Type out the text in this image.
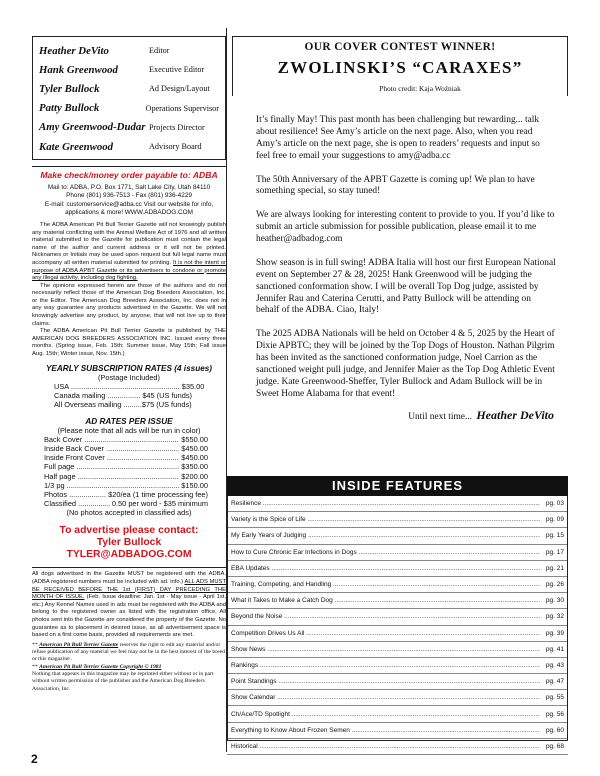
Heather DeVito	Editor
Hank Greenwood	Executive Editor
Tyler Bullock	Ad Design/Layout
Patty Bullock	Operations Supervisor
Amy Greenwood-Dudar Projects Director
Kate Greenwood	Advisory Board
Make check/money order payable to: ADBA
Mail to: ADBA, P.O. Box 1771, Salt Lake City, Utah 84110
Phone (801) 936-7513 - Fax (801) 936-4229
E-mail: customerservice@adba.cc Visit our website for info,
applications & more! WWW.ADBADOG.COM

The ADBA American Pit Bull Terrier Gazette will not knowingly publish any material conflicting with the Animal Welfare Act of 1976 and all written material submitted to the Gazette for publication must contain the legal name of the author and current address or it will not be printed. Nicknames or Initials may be used upon request but full legal name must accompany all written material submitted for printing. It is not the intent or purpose of ADBA APBT Gazette or its advertisers to condone or promote any illegal activity, including dog fighting.

The opinions expressed herein are those of the authors and do not necessarily reflect those of the American Dog Breeders Association, Inc. or the Editor. The American Dog Breeders Association, Inc. does not in any way guarantee any products advertised in the Gazette. We will not knowingly advertise any product, by anyone, that will not live up to their claims.

The ADBA American Pit Bull Terrier Gazette is published by THE AMERICAN DOG BREEDERS ASSOCIATION INC. Issued every three months. (Spring issue, Feb. 15th; Summer issue, May 15th; Fall issue Aug. 15th; Winter issue, Nov. 15th.)

YEARLY SUBSCRIPTION RATES (4 issues)
(Postage Included)
USA ..................................................... $35.00
Canada mailing ................ $45 (US funds)
All Overseas mailing .........$75 (US funds)
AD RATES PER ISSUE
(Please note that all ads will be run in color)
Back Cover .....	$550.00
Inside Back Cover .....	$450.00
Inside Front Cover .....	$450.00
Full page .....	$350.00
Half page .....	$200.00
1/3 pg .....	$150.00
Photos .....	$20/ea (1 time processing fee)
Classified .....	0.50 per word - $35 minimum
(No photos accepted in classified ads)
To advertise please contact:
Tyler Bullock
TYLER@ADBADOG.COM
All dogs advertised in the Gazette MUST be registered with the ADBA. (ADBA registered numbers must be included with ad. info.) ALL ADS MUST BE RECEIVED BEFORE THE 1st (FIRST) DAY PRECEDING THE MONTH OF ISSUE. (Feb. Issue deadline: Jan. 1st - May issue - April 1st, etc.) Any Kennel Names used in ads must be registered with the ADBA and belong to the registered owner as listed with the registration office. All photos sent into the Gazette are considered the property of the Gazette. No guarantee as to placement in desired issue, as all advertisement space is based on a first come basis, provided all requirements are met.
** American Pit Bull Terrier Gazette reserves the right to edit any material and/or refuse publication of any material we feel may not be in the best interest of the breed or this magazine .
** American Pit Bull Terrier Gazette Copyright © 1981
Nothing that appears in this magazine may be reprinted either without or in part without written permission of the publisher and the American Dog Breeders Association, Inc.
2
OUR COVER CONTEST WINNER!
ZWOLINSKI’S “CARAXES”
Photo credit: Kaja Woźniak

It’s finally May! This past month has been challenging but rewarding... talk about resilience! See Amy’s article on the next page. Also, when you read Amy’s article on the next page, she is open to readers’ requests and input so feel free to email your suggestions to amy@adba.cc

The 50th Anniversary of the APBT Gazette is coming up! We plan to have something special, so stay tuned!

We are always looking for interesting content to provide to you. If you’d like to submit an article submission for possible publication, please email it to me heather@adbadog.com

Show season is in full swing! ADBA Italia will host our first European National event on September 27 & 28, 2025! Hank Greenwood will be judging the sanctioned conformation show. I will be overall Top Dog judge, assisted by Jennifer Rau and Caterina Cerutti, and Patty Bullock will be attending on behalf of the ADBA. Ciao, Italy!

The 2025 ADBA Nationals will be held on October 4 & 5, 2025 by the Heart of Dixie APBTC; they will be joined by the Top Dogs of Houston. Nathan Pilgrim has been invited as the sanctioned conformation judge, Noel Carrion as the sanctioned weight pull judge, and Jennifer Maier as the Top Dog Athletic Event judge. Kate Greenwood-Sheffer, Tyler Bullock and Adam Bullock will be in Sweet Home Alabama for that event!

Until next time... Heather DeVito
INSIDE FEATURES
Resilience .....	pg. 03
Variety is the Spice of Life .....	pg. 09
My Early Years of Judging .....	pg. 15
How to Cure Chronic Ear Infections in Dogs .....	pg. 17
EBA Updates .....	pg. 21
Training, Competing, and Handling .....	pg. 26
What it Takes to Make a Catch Dog .....	pg. 30
Beyond the Noise .....	pg. 32
Competition Drives Us All .....	pg. 39
Show News .....	pg. 41
Rankings .....	pg. 43
Point Standings .....	pg. 47
Show Calendar .....	pg. 55
Ch/Ace/TD Spotlight .....	pg. 56
Everything to Know About Frozen Semen .....	pg. 60
Historical .....	pg. 68
